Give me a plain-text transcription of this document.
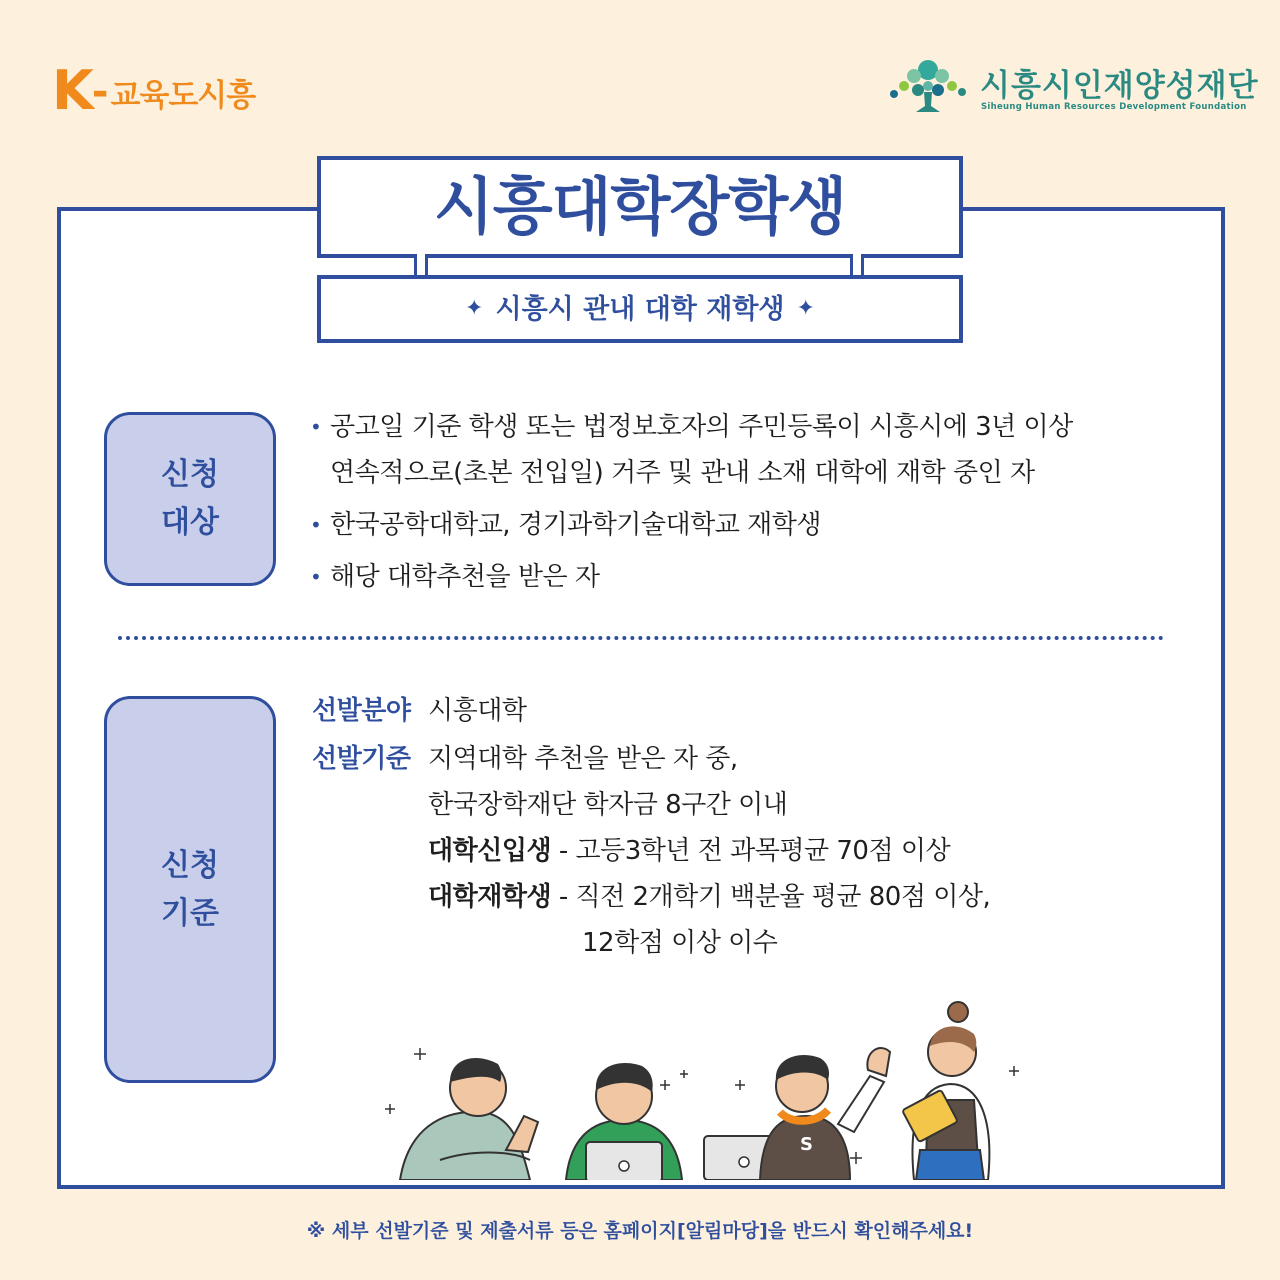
K - 교육도시흥	시흥시인재양성재단
Siheung Human Resources Development Foundation
시흥대학장학생
✦ 시흥시 관내 대학 재학생 ✦
신청
대상
• 공고일 기준 학생 또는 법정보호자의 주민등록이 시흥시에 3년 이상
연속적으로(초본 전입일) 거주 및 관내 소재 대학에 재학 중인 자
• 한국공학대학교, 경기과학기술대학교 재학생
• 해당 대학추천을 받은 자
신청
기준
선발분야 시흥대학
선발기준 지역대학 추천을 받은 자 중,
한국장학재단 학자금 8구간 이내
대학신입생 - 고등3학년 전 과목평균 70점 이상
대학재학생 - 직전 2개학기 백분율 평균 80점 이상,
12학점 이상 이수
S
※ 세부 선발기준 및 제출서류 등은 홈페이지[알림마당]을 반드시 확인해주세요!
